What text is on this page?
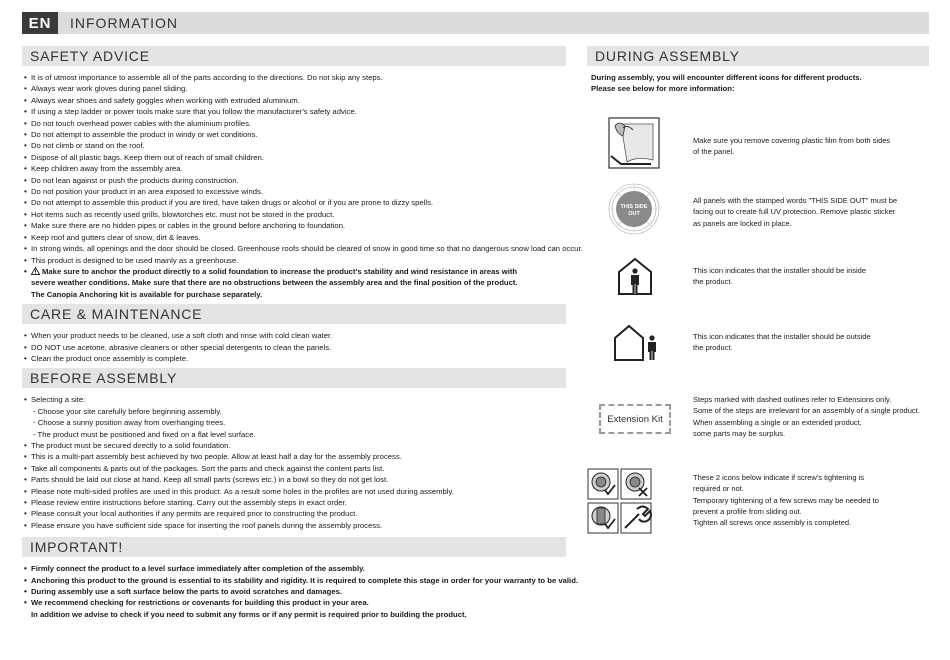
EN	INFORMATION
SAFETY ADVICE
• It is of utmost importance to assemble all of the parts according to the directions. Do not skip any steps.
• Always wear work gloves during panel sliding.
• Always wear shoes and safety goggles when working with extruded aluminium.
• If using a step ladder or power tools make sure that you follow the manufacturer's safety advice.
• Do not touch overhead power cables with the aluminium profiles.
• Do not attempt to assemble the product in windy or wet conditions.
• Do not climb or stand on the roof.
• Dispose of all plastic bags. Keep them out of reach of small children.
• Keep children away from the assembly area.
• Do not lean against or push the products during construction.
• Do not position your product in an area exposed to excessive winds.
• Do not attempt to assemble this product if you are tired, have taken drugs or alcohol or if you are prone to dizzy spells.
• Hot items such as recently used grills, blowtorches etc. must not be stored in the product.
• Make sure there are no hidden pipes or cables in the ground before anchoring to foundation.
• Keep roof and gutters clear of snow, dirt & leaves.
• In strong winds, all openings and the door should be closed. Greenhouse roofs should be cleared of snow in good time so that no dangerous snow load can occur.
• This product is designed to be used mainly as a greenhouse.
• Make sure to anchor the product directly to a solid foundation to increase the product's stability and wind resistance in areas with
severe weather conditions. Make sure that there are no obstructions between the assembly area and the final position of the product.
The Canopia Anchoring kit is available for purchase separately.
CARE & MAINTENANCE
• When your product needs to be cleaned, use a soft cloth and rinse with cold clean water.
• DO NOT use acetone, abrasive cleaners or other special detergents to clean the panels.
• Clean the product once assembly is complete.
BEFORE ASSEMBLY
• Selecting a site:
- Choose your site carefully before beginning assembly.
- Choose a sunny position away from overhanging trees.
- The product must be positioned and fixed on a flat level surface.
• The product must be secured directly to a solid foundation.
• This is a multi-part assembly best achieved by two people. Allow at least half a day for the assembly process.
• Take all components & parts out of the packages. Sort the parts and check against the content parts list.
• Parts should be laid out close at hand. Keep all small parts (screws etc.) in a bowl so they do not get lost.
• Please note multi-sided profiles are used in this product. As a result some holes in the profiles are not used during assembly.
• Please review entire instructions before starting. Carry out the assembly steps in exact order.
• Please consult your local authorities if any permits are required prior to constructing the product.
• Please ensure you have sufficient side space for inserting the roof panels during the assembly process.
IMPORTANT!
• Firmly connect the product to a level surface immediately after completion of the assembly.
• Anchoring this product to the ground is essential to its stability and rigidity. It is required to complete this stage in order for your warranty to be valid.
• During assembly use a soft surface below the parts to avoid scratches and damages.
• We recommend checking for restrictions or covenants for building this product in your area.
In addition we advise to check if you need to submit any forms or if any permit is required prior to building the product.
DURING ASSEMBLY
During assembly, you will encounter different icons for different products.
Please see below for more information:
Make sure you remove covering plastic film from both sides
of the panel.
THIS SIDE
OUT
All panels with the stamped words "THIS SIDE OUT" must be
facing out to create full UV protection. Remove plastic sticker
as panels are locked in place.
This icon indicates that the installer should be inside
the product.
This icon indicates that the installer should be outside
the product.
Extension Kit
Steps marked with dashed outlines refer to Extensions only.
Some of the steps are irrelevant for an assembly of a single product.
When assembling a single or an extended product,
some parts may be surplus.
These 2 icons below indicate if screw's tightening is
required or not.
Temporary tightening of a few screws may be needed to
prevent a profile from sliding out.
Tighten all screws once assembly is completed.
